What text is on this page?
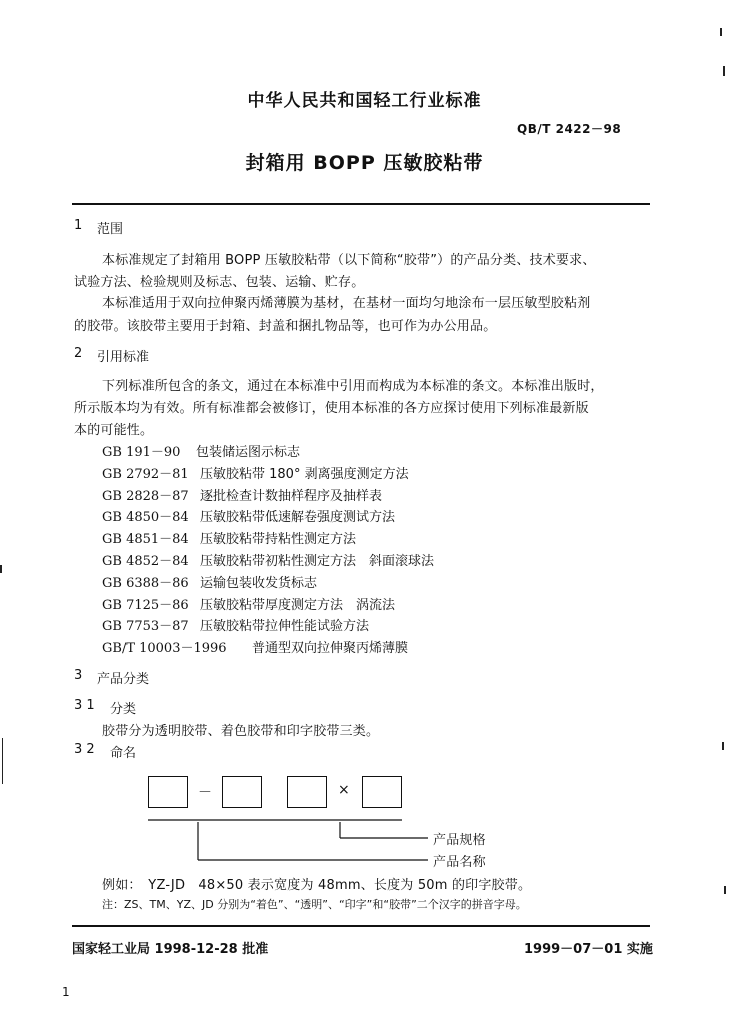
中华人民共和国轻工行业标准
QB/T 2422－98
封箱用 BOPP 压敏胶粘带
1 范围
本标准规定了封箱用 BOPP 压敏胶粘带（以下简称“胶带”）的产品分类、技术要求、
试验方法、检验规则及标志、包装、运输、贮存。
本标准适用于双向拉伸聚丙烯薄膜为基材，在基材一面均匀地涂布一层压敏型胶粘剂
的胶带。该胶带主要用于封箱、封盖和捆扎物品等，也可作为办公用品。
2 引用标准
下列标准所包含的条文，通过在本标准中引用而构成为本标准的条文。本标准出版时，
所示版本均为有效。所有标准都会被修订，使用本标准的各方应探讨使用下列标准最新版
本的可能性。
GB 191－90 包装储运图示标志
GB 2792－81 压敏胶粘带 180° 剥离强度测定方法
GB 2828－87 逐批检查计数抽样程序及抽样表
GB 4850－84 压敏胶粘带低速解卷强度测试方法
GB 4851－84 压敏胶粘带持粘性测定方法
GB 4852－84 压敏胶粘带初粘性测定方法　斜面滚球法
GB 6388－86 运输包装收发货标志
GB 7125－86 压敏胶粘带厚度测定方法　涡流法
GB 7753－87 压敏胶粘带拉伸性能试验方法
GB/T 10003－1996 普通型双向拉伸聚丙烯薄膜
3 产品分类
3 1 分类
胶带分为透明胶带、着色胶带和印字胶带三类。
3 2 命名
－	×
产品规格
产品名称
例如：　YZ-JD　48×50 表示宽度为 48mm、长度为 50m 的印字胶带。
注：ZS、TM、YZ、JD 分别为“着色”、“透明”、“印字”和“胶带”二个汉字的拼音字母。
国家轻工业局 1998-12-28 批准	1999－07－01 实施
1
